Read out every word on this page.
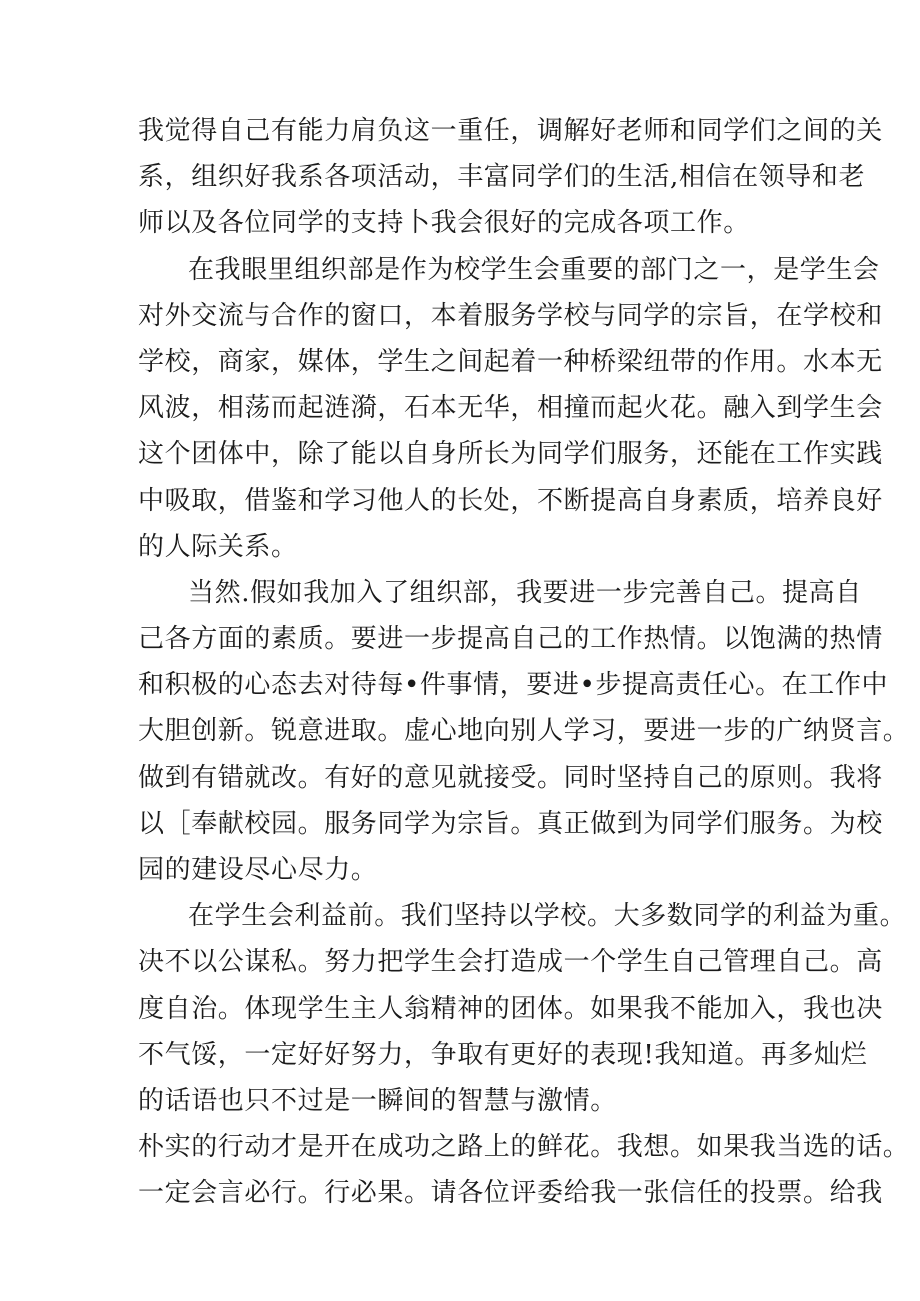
我觉得自己有能力肩负这一重任，调解好老师和同学们之间的关
系，组织好我系各项活动，丰富同学们的生活,相信在领导和老
师以及各位同学的支持卜我会很好的完成各项工作。
在我眼里组织部是作为校学生会重要的部门之一，是学生会
对外交流与合作的窗口，本着服务学校与同学的宗旨，在学校和
学校，商家，媒体，学生之间起着一种桥梁纽带的作用。水本无
风波，相荡而起涟漪，石本无华，相撞而起火花。融入到学生会
这个团体中，除了能以自身所长为同学们服务，还能在工作实践
中吸取，借鉴和学习他人的长处，不断提高自身素质，培养良好
的人际关系。
当然.假如我加入了组织部，我要进一步完善自己。提高自
己各方面的素质。要进一步提高自己的工作热情。以饱满的热情
和积极的心态去对待每•件事情，要进•步提高责任心。在工作中
大胆创新。锐意进取。虚心地向别人学习，要进一步的广纳贤言。
做到有错就改。有好的意见就接受。同时坚持自己的原则。我将
以［奉献校园。服务同学为宗旨。真正做到为同学们服务。为校
园的建设尽心尽力。
在学生会利益前。我们坚持以学校。大多数同学的利益为重。
决不以公谋私。努力把学生会打造成一个学生自己管理自己。高
度自治。体现学生主人翁精神的团体。如果我不能加入，我也决
不气馁，一定好好努力，争取有更好的表现!我知道。再多灿烂
的话语也只不过是一瞬间的智慧与激情。
朴实的行动才是开在成功之路上的鲜花。我想。如果我当选的话。
一定会言必行。行必果。请各位评委给我一张信任的投票。给我
